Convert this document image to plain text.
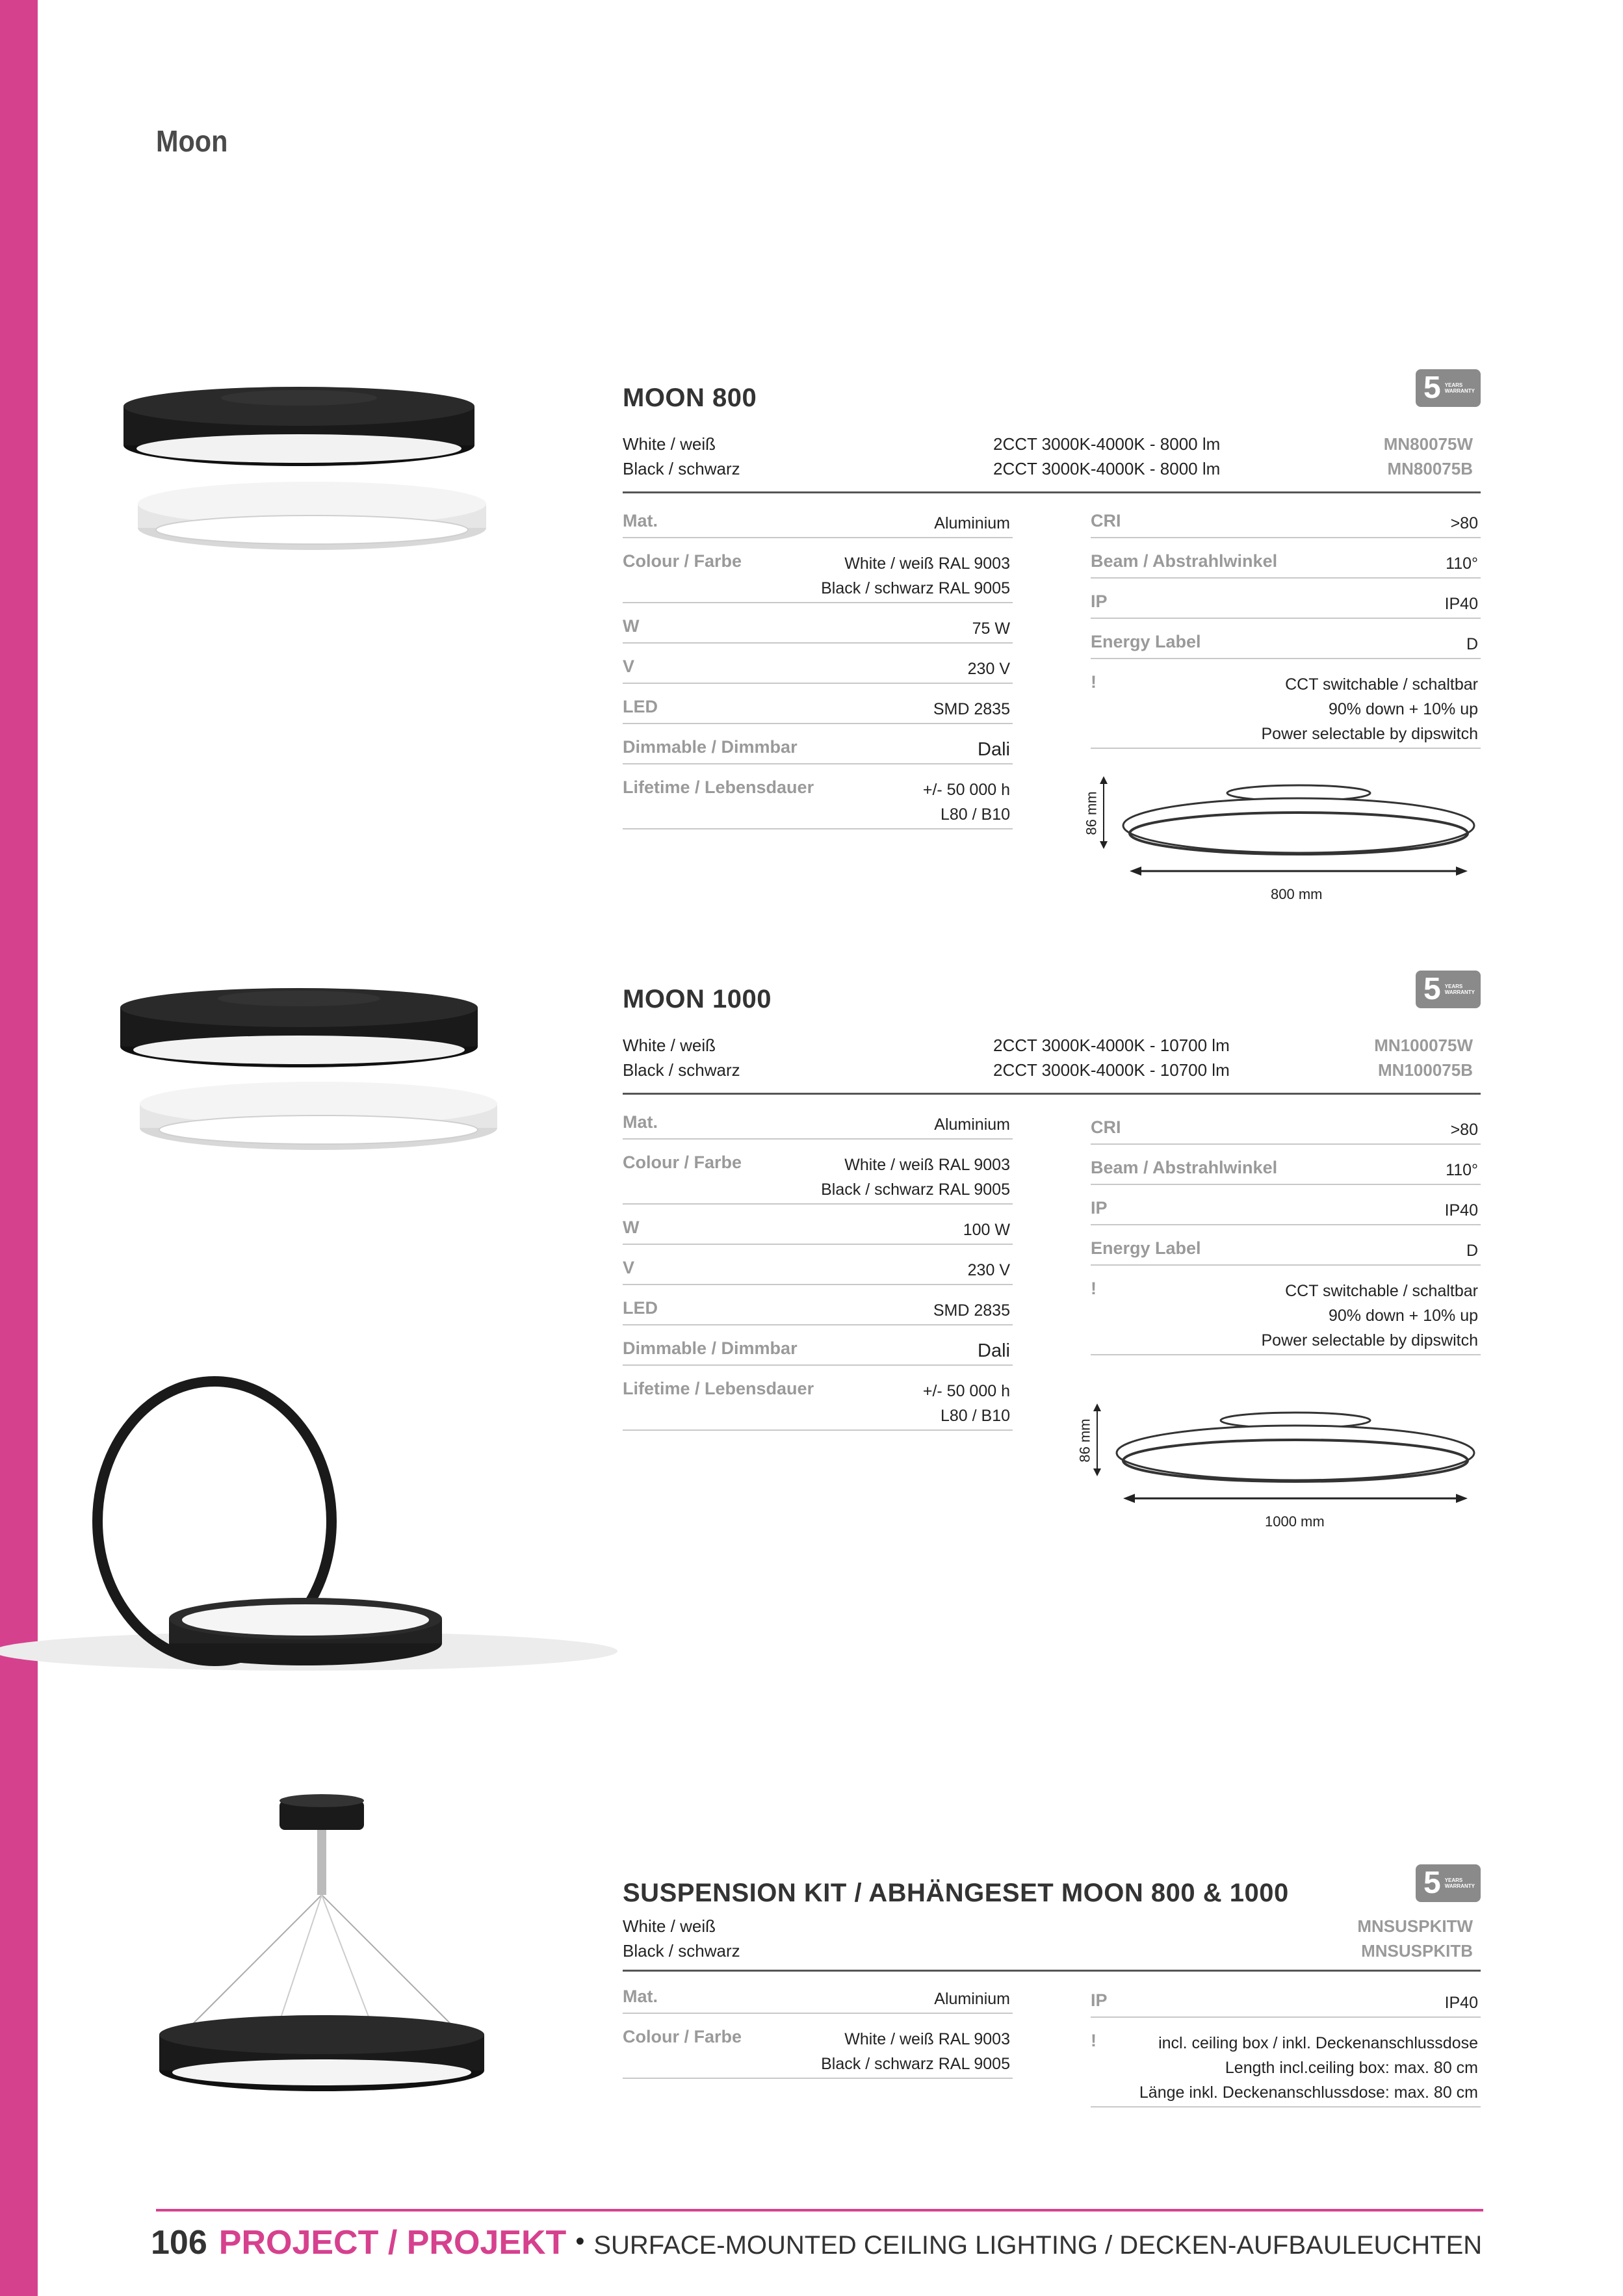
Moon
MOON 800	5 YEARS WARRANTY
White / weiß	2CCT 3000K-4000K - 8000 lm	MN80075W
Black / schwarz	2CCT 3000K-4000K - 8000 lm	MN80075B
Mat.	Aluminium
Colour / Farbe	White / weiß RAL 9003
Black / schwarz RAL 9005
W	75 W
V	230 V
LED	SMD 2835
Dimmable / Dimmbar	Dali
Lifetime / Lebensdauer	+/- 50 000 h
L80 / B10
CRI	>80
Beam / Abstrahlwinkel	110°
IP	IP40
Energy Label	D
!	CCT switchable / schaltbar
90% down + 10% up
Power selectable by dipswitch
86 mm
800 mm
MOON 1000	5 YEARS WARRANTY
White / weiß	2CCT 3000K-4000K - 10700 lm	MN100075W
Black / schwarz	2CCT 3000K-4000K - 10700 lm	MN100075B
Mat.	Aluminium
Colour / Farbe	White / weiß RAL 9003
Black / schwarz RAL 9005
W	100 W
V	230 V
LED	SMD 2835
Dimmable / Dimmbar	Dali
Lifetime / Lebensdauer	+/- 50 000 h
L80 / B10
CRI	>80
Beam / Abstrahlwinkel	110°
IP	IP40
Energy Label	D
!	CCT switchable / schaltbar
90% down + 10% up
Power selectable by dipswitch
86 mm
1000 mm
SUSPENSION KIT / ABHÄNGESET MOON 800 & 1000	5 YEARS WARRANTY
White / weiß	MNSUSPKITW
Black / schwarz	MNSUSPKITB
Mat.	Aluminium
Colour / Farbe	White / weiß RAL 9003
Black / schwarz RAL 9005
IP	IP40
!	incl. ceiling box / inkl. Deckenanschlussdose
Length incl.ceiling box: max. 80 cm
Länge inkl. Deckenanschlussdose: max. 80 cm
106 PROJECT / PROJEKT • SURFACE-MOUNTED CEILING LIGHTING / DECKEN-AUFBAULEUCHTEN
